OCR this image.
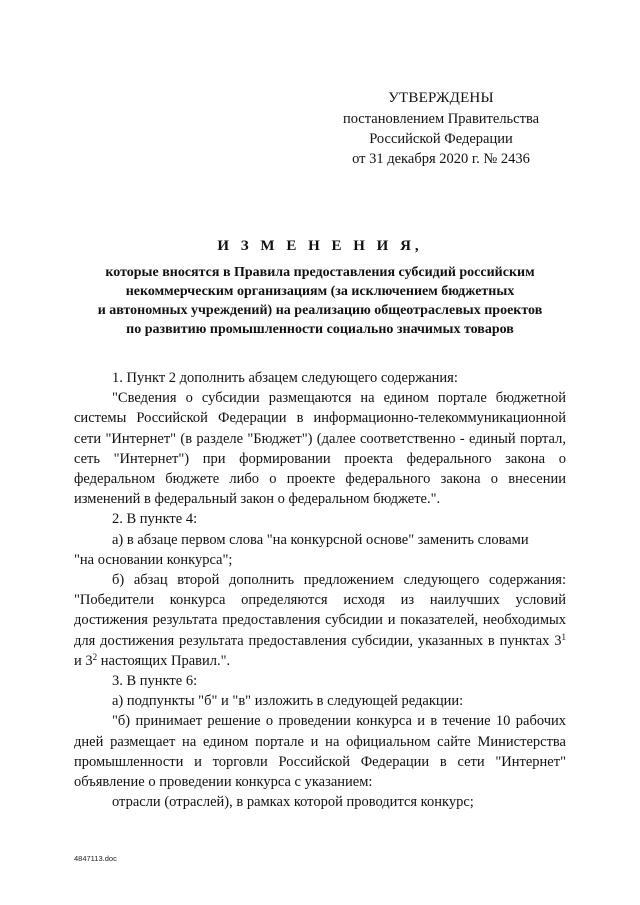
УТВЕРЖДЕНЫ
постановлением Правительства
Российской Федерации
от 31 декабря 2020 г. № 2436
И З М Е Н Е Н И Я,
которые вносятся в Правила предоставления субсидий российским
некоммерческим организациям (за исключением бюджетных
и автономных учреждений) на реализацию общеотраслевых проектов
по развитию промышленности социально значимых товаров

1. Пункт 2 дополнить абзацем следующего содержания:

"Сведения о субсидии размещаются на едином портале бюджетной системы Российской Федерации в информационно-телекоммуникационной сети "Интернет" (в разделе "Бюджет") (далее соответственно - единый портал, сеть "Интернет") при формировании проекта федерального закона о федеральном бюджете либо о проекте федерального закона о внесении изменений в федеральный закон о федеральном бюджете.".

2. В пункте 4:

а) в абзаце первом слова "на конкурсной основе" заменить словами

"на основании конкурса";

б) абзац второй дополнить предложением следующего содержания: "Победители конкурса определяются исходя из наилучших условий достижения результата предоставления субсидии и показателей, необходимых для достижения результата предоставления субсидии, указанных в пунктах $3^1$ и $3^2$ настоящих Правил.".

3. В пункте 6:

а) подпункты "б" и "в" изложить в следующей редакции:

"б) принимает решение о проведении конкурса и в течение 10 рабочих дней размещает на едином портале и на официальном сайте Министерства промышленности и торговли Российской Федерации в сети "Интернет" объявление о проведении конкурса с указанием:

отрасли (отраслей), в рамках которой проводится конкурс;

4847113.doc
